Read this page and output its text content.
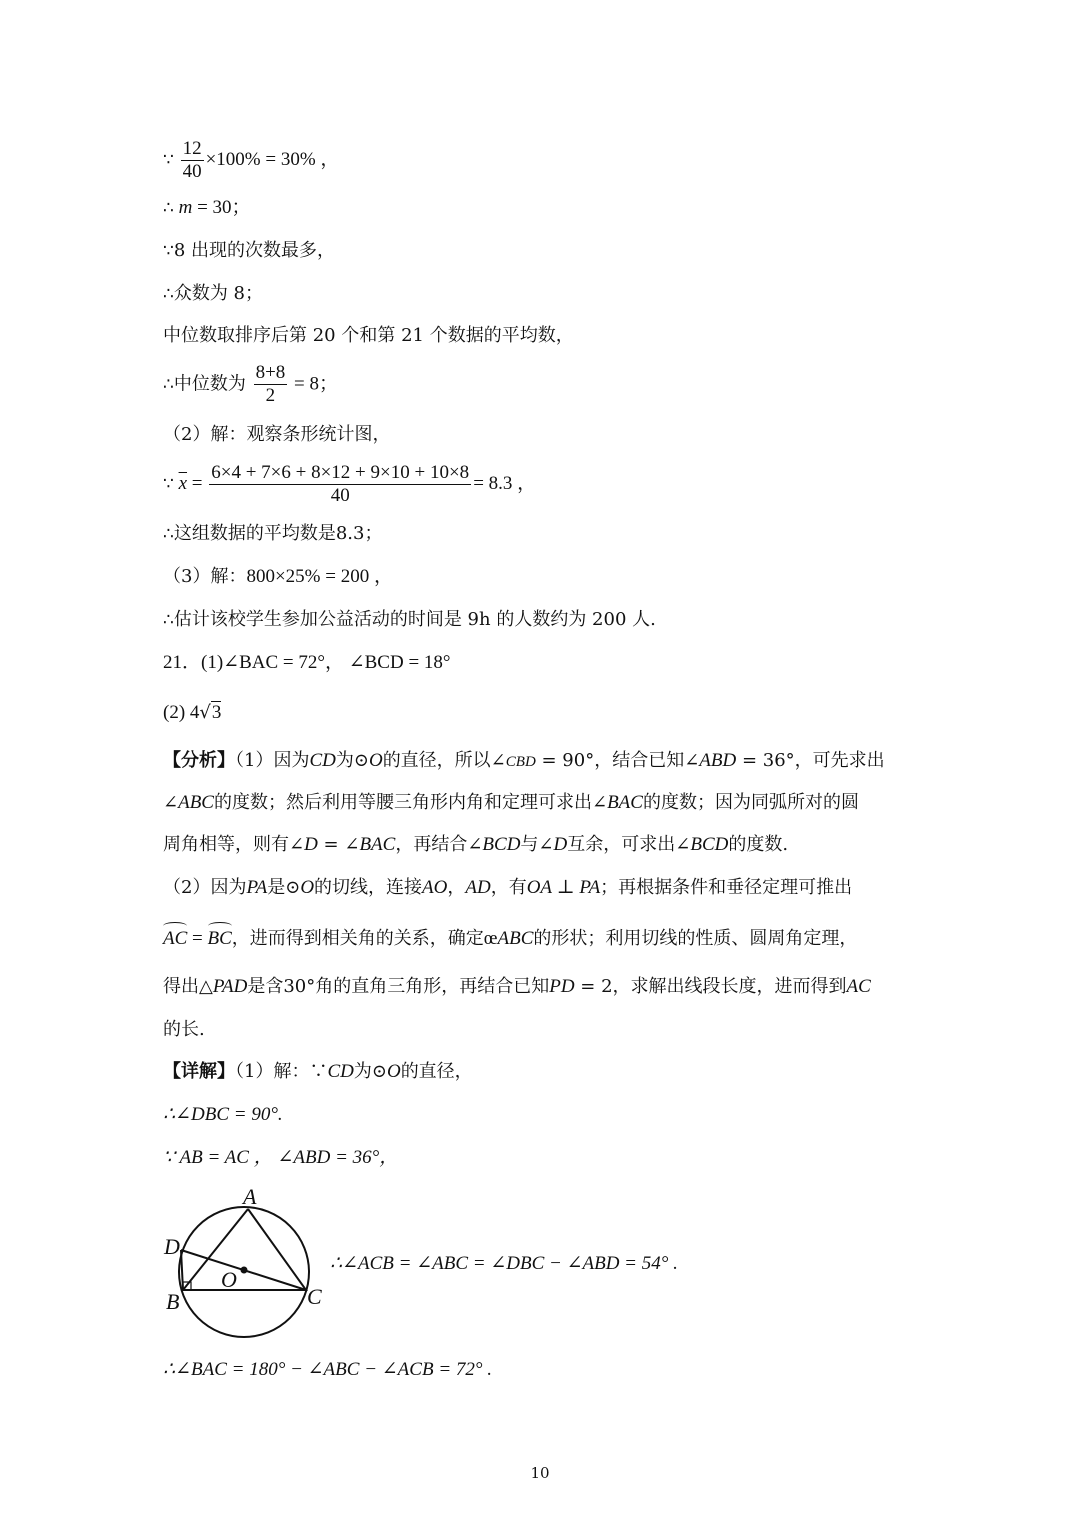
∵ $\frac{12}{40} \times 100\% = 30\%$ ，
∴ m = 30；
∵8 出现的次数最多，
∴众数为 8；
中位数取排序后第 20 个和第 21 个数据的平均数，
∴中位数为 $\frac{8+8}{2} = 8$；
（2）解：观察条形统计图，
∵ $\overline{x} = \frac{6\times 4 + 7\times 6 + 8\times 12 + 9\times 10 + 10\times 8}{40} = 8.3$ ，
∴这组数据的平均数是8.3；
（3）解：800×25% = 200 ，
∴估计该校学生参加公益活动的时间是 9h 的人数约为 200 人.
21．(1)∠BAC = 72°， ∠BCD = 18°
(2) 4√3
【分析】（1）因为CD为⊙O的直径，所以∠CBD = 90°，结合已知∠ABD = 36°，可先求出
∠ABC的度数；然后利用等腰三角形内角和定理可求出∠BAC的度数；因为同弧所对的圆
周角相等，则有∠D = ∠BAC，再结合∠BCD与∠D互余，可求出∠BCD的度数.
（2）因为PA是⊙O的切线，连接AO，AD，有OA ⊥ PA；再根据条件和垂径定理可推出
AC = BC，进而得到相关角的关系，确定œABC的形状；利用切线的性质、圆周角定理，
得出△PAD是含30°角的直角三角形，再结合已知PD = 2，求解出线段长度，进而得到AC
的长.
【详解】（1）解：∵CD为⊙O的直径，
∴∠DBC = 90°.
∵ AB = AC ， ∠ABD = 36°，
A
D
O
B	C
∴∠ACB = ∠ABC = ∠DBC − ∠ABD = 54° .
∴∠BAC = 180° − ∠ABC − ∠ACB = 72° .
10
